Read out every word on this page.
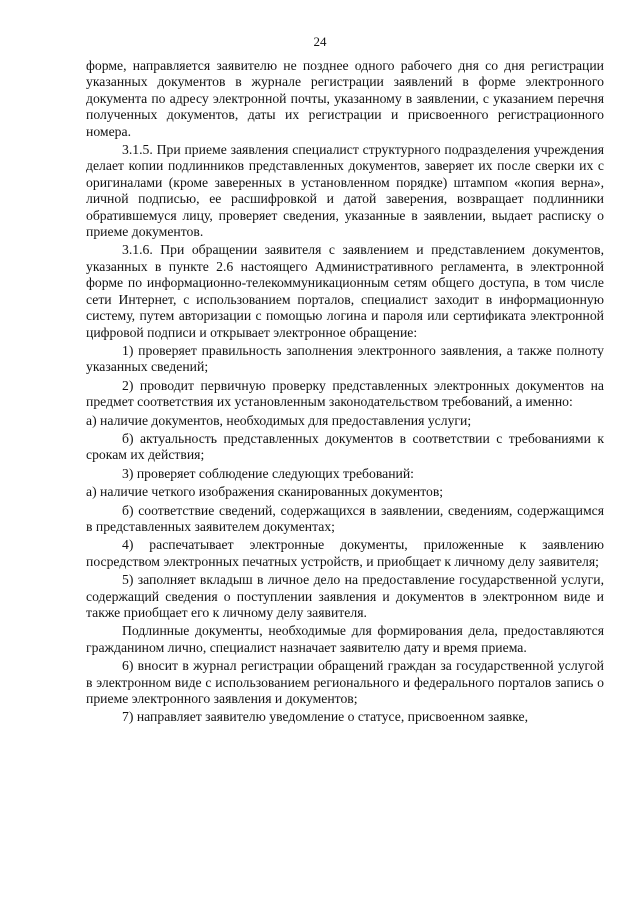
24

форме, направляется заявителю не позднее одного рабочего дня со дня регистрации указанных документов в журнале регистрации заявлений в форме электронного документа по адресу электронной почты, указанному в заявлении, с указанием перечня полученных документов, даты их регистрации и присвоенного регистрационного номера.

3.1.5. При приеме заявления специалист структурного подразделения учреждения делает копии подлинников представленных документов, заверяет их после сверки их с оригиналами (кроме заверенных в установленном порядке) штампом «копия верна», личной подписью, ее расшифровкой и датой заверения, возвращает подлинники обратившемуся лицу, проверяет сведения, указанные в заявлении, выдает расписку о приеме документов.

3.1.6. При обращении заявителя с заявлением и представлением документов, указанных в пункте 2.6 настоящего Административного регламента, в электронной форме по информационно-телекоммуникационным сетям общего доступа, в том числе сети Интернет, с использованием порталов, специалист заходит в информационную систему, путем авторизации с помощью логина и пароля или сертификата электронной цифровой подписи и открывает электронное обращение:

1) проверяет правильность заполнения электронного заявления, а также полноту указанных сведений;

2) проводит первичную проверку представленных электронных документов на предмет соответствия их установленным законодательством требований, а именно:

а) наличие документов, необходимых для предоставления услуги;

б) актуальность представленных документов в соответствии с требованиями к срокам их действия;

3) проверяет соблюдение следующих требований:

а) наличие четкого изображения сканированных документов;

б) соответствие сведений, содержащихся в заявлении, сведениям, содержащимся в представленных заявителем документах;

4) распечатывает электронные документы, приложенные к заявлению посредством электронных печатных устройств, и приобщает к личному делу заявителя;

5) заполняет вкладыш в личное дело на предоставление государственной услуги, содержащий сведения о поступлении заявления и документов в электронном виде и также приобщает его к личному делу заявителя.

Подлинные документы, необходимые для формирования дела, предоставляются гражданином лично, специалист назначает заявителю дату и время приема.

6) вносит в журнал регистрации обращений граждан за государственной услугой в электронном виде с использованием регионального и федерального порталов запись о приеме электронного заявления и документов;

7) направляет заявителю уведомление о статусе, присвоенном заявке,
